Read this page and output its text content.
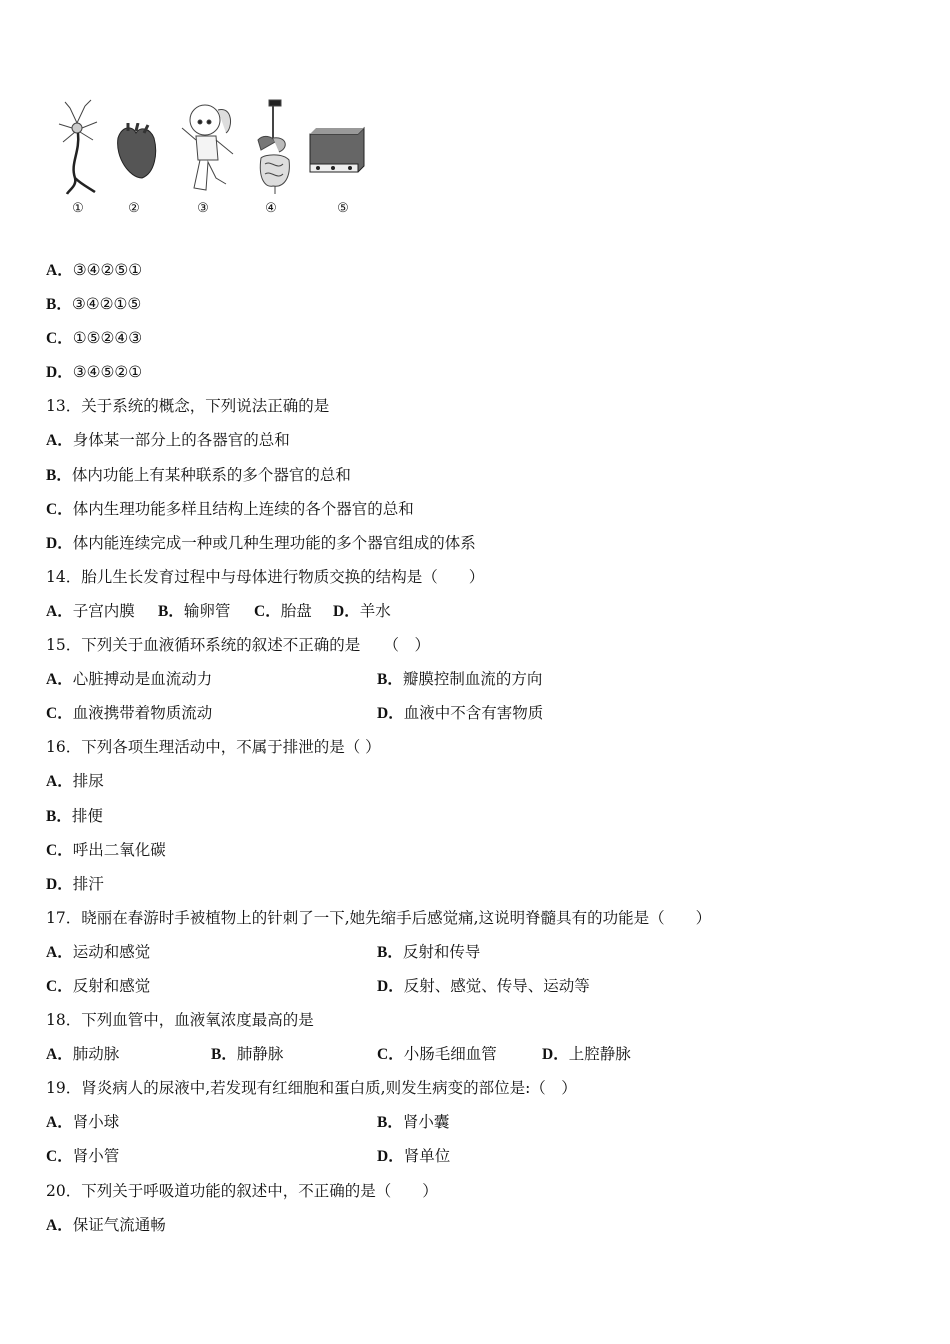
①	②	③	④	⑤
A．③④②⑤①
B．③④②①⑤
C．①⑤②④③
D．③④⑤②①
13．关于系统的概念，下列说法正确的是
A．身体某一部分上的各器官的总和
B．体内功能上有某种联系的多个器官的总和
C．体内生理功能多样且结构上连续的各个器官的总和
D．体内能连续完成一种或几种生理功能的多个器官组成的体系
14．胎儿生长发育过程中与母体进行物质交换的结构是（　　）
A．子宫内膜 B．输卵管 C．胎盘 D．羊水
15．下列关于血液循环系统的叙述不正确的是　　（　）
A．心脏搏动是血流动力	B．瓣膜控制血流的方向
C．血液携带着物质流动	D．血液中不含有害物质
16．下列各项生理活动中，不属于排泄的是（ ）
A．排尿
B．排便
C．呼出二氧化碳
D．排汗
17．晓丽在春游时手被植物上的针刺了一下,她先缩手后感觉痛,这说明脊髓具有的功能是（　　）
A．运动和感觉	B．反射和传导
C．反射和感觉	D．反射、感觉、传导、运动等
18．下列血管中，血液氧浓度最高的是
A．肺动脉	B．肺静脉	C．小肠毛细血管	D．上腔静脉
19．肾炎病人的尿液中,若发现有红细胞和蛋白质,则发生病变的部位是:（　）
A．肾小球	B．肾小囊
C．肾小管	D．肾单位
20．下列关于呼吸道功能的叙述中，不正确的是（　　）
A．保证气流通畅
